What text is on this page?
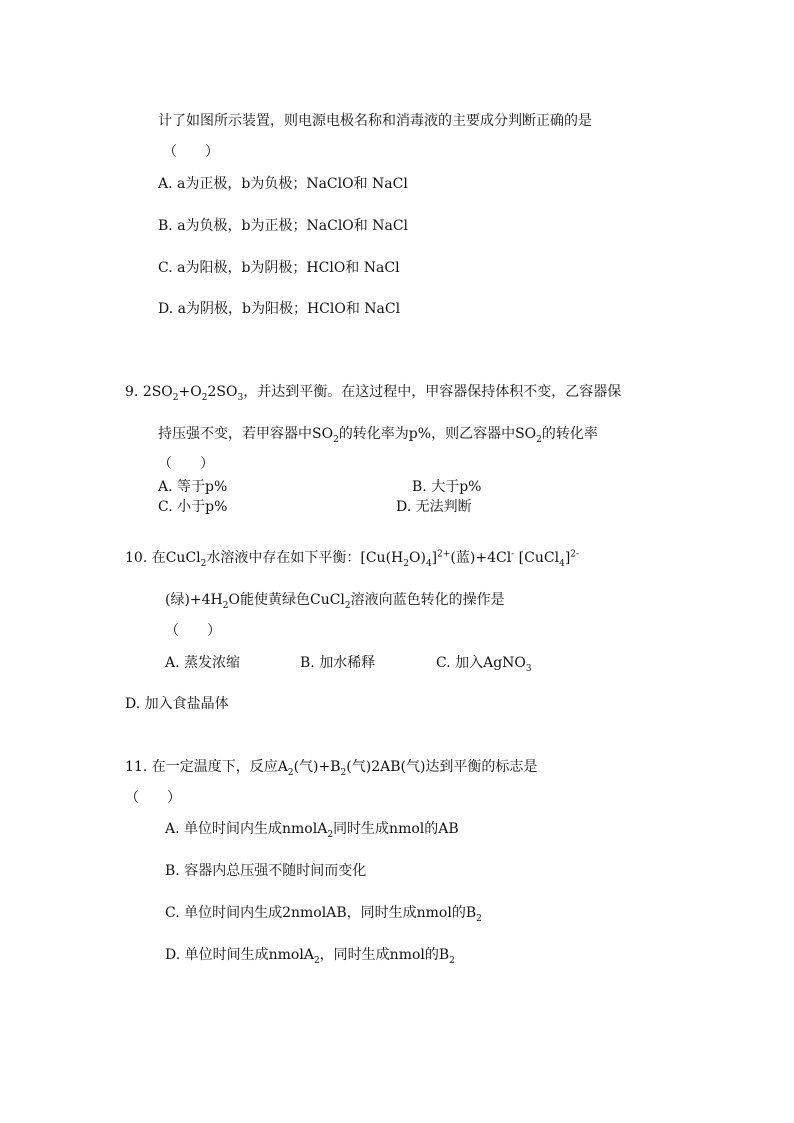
计了如图所示装置，则电源电极名称和消毒液的主要成分判断正确的是
（　　）
A. a为正极，b为负极；NaClO和 NaCl
B. a为负极，b为正极；NaClO和 NaCl
C. a为阳极，b为阴极；HClO和 NaCl
D. a为阴极，b为阳极；HClO和 NaCl
9. $2SO_2+O_22SO_3$，并达到平衡。在这过程中，甲容器保持体积不变，乙容器保
持压强不变，若甲容器中$SO_2$的转化率为p%，则乙容器中$SO_2$的转化率
（　　）
A. 等于p%	B. 大于p%
C. 小于p%	D. 无法判断
10. 在CuCl$_2$水溶液中存在如下平衡：$[Cu(H_2O)_4]^{2+}$(蓝)+4Cl- [CuCl$_4$]$^{2-}$
(绿)$+4H_2O$能使黄绿色CuCl$_2$溶液向蓝色转化的操作是
（　　）
A. 蒸发浓缩	B. 加水稀释	C. 加入AgNO$_3$
D. 加入食盐晶体
11. 在一定温度下，反应$A_2$(气)$+B_2$(气)2AB(气)达到平衡的标志是
（　　）
A. 单位时间内生成nmolA$_2$同时生成nmol的AB
B. 容器内总压强不随时间而变化
C. 单位时间内生成2nmolAB，同时生成nmol的$B_2$
D. 单位时间生成nmolA$_2$，同时生成nmol的$B_2$
